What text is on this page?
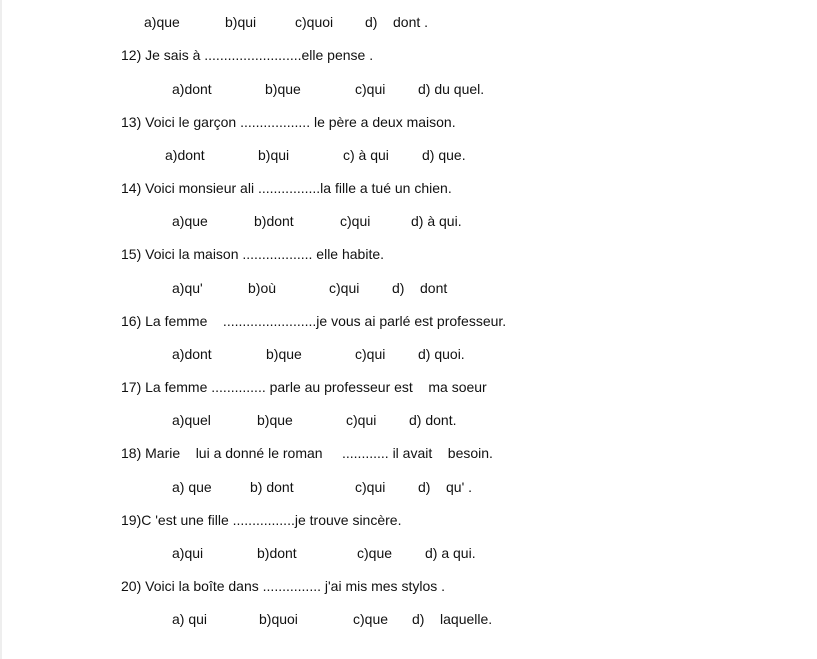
a)que	b)qui	c)quoi d)    dont .
12) Je sais à .........................elle pense .
a)dont	b)que	c)qui d) du quel.
13) Voici le garçon .................. le père a deux maison.
a)dont	b)qui	c) à qui d) que.
14) Voici monsieur ali ................la fille a tué un chien.
a)que	b)dont	c)qui	d) à qui.
15) Voici la maison .................. elle habite.
a)qu'	b)où	c)qui d)    dont
16) La femme    ........................je vous ai parlé est professeur.
a)dont	b)que	c)qui d) quoi.
17) La femme .............. parle au professeur est    ma soeur
a)quel	b)que	c)qui d) dont.
18) Marie    lui a donné le roman     ............ il avait    besoin.
a) que	b) dont	c)qui d)    qu' .
19)C 'est une fille ................je trouve sincère.
a)qui	b)dont	c)que d) a qui.
20) Voici la boîte dans ............... j'ai mis mes stylos .
a) qui	b)quoi	c)que d)    laquelle.
